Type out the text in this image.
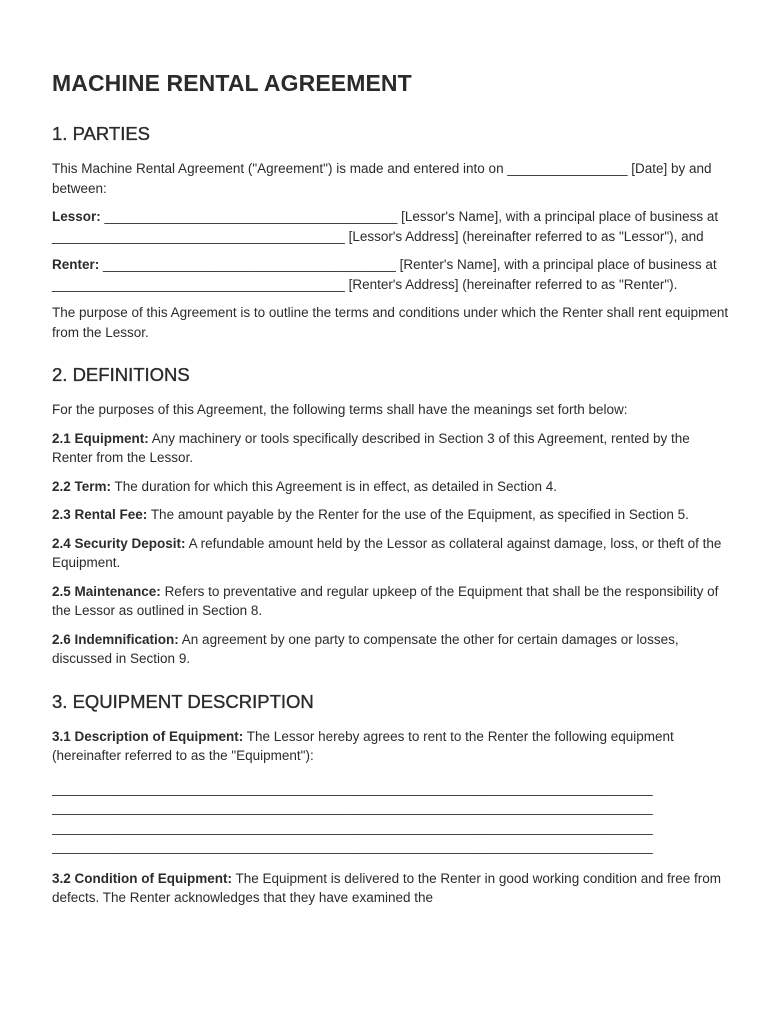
MACHINE RENTAL AGREEMENT
1. PARTIES

This Machine Rental Agreement ("Agreement") is made and entered into on ________________ [Date] by and between:

Lessor: _______________________________________ [Lessor's Name], with a principal place of business at _______________________________________ [Lessor's Address] (hereinafter referred to as "Lessor"), and

Renter: _______________________________________ [Renter's Name], with a principal place of business at _______________________________________ [Renter's Address] (hereinafter referred to as "Renter").

The purpose of this Agreement is to outline the terms and conditions under which the Renter shall rent equipment from the Lessor.

2. DEFINITIONS

For the purposes of this Agreement, the following terms shall have the meanings set forth below:

2.1 Equipment: Any machinery or tools specifically described in Section 3 of this Agreement, rented by the Renter from the Lessor.

2.2 Term: The duration for which this Agreement is in effect, as detailed in Section 4.

2.3 Rental Fee: The amount payable by the Renter for the use of the Equipment, as specified in Section 5.

2.4 Security Deposit: A refundable amount held by the Lessor as collateral against damage, loss, or theft of the Equipment.

2.5 Maintenance: Refers to preventative and regular upkeep of the Equipment that shall be the responsibility of the Lessor as outlined in Section 8.

2.6 Indemnification: An agreement by one party to compensate the other for certain damages or losses, discussed in Section 9.

3. EQUIPMENT DESCRIPTION

3.1 Description of Equipment: The Lessor hereby agrees to rent to the Renter the following equipment (hereinafter referred to as the "Equipment"):

________________________________________________________________________________
________________________________________________________________________________
________________________________________________________________________________
________________________________________________________________________________

3.2 Condition of Equipment: The Equipment is delivered to the Renter in good working condition and free from defects. The Renter acknowledges that they have examined the
